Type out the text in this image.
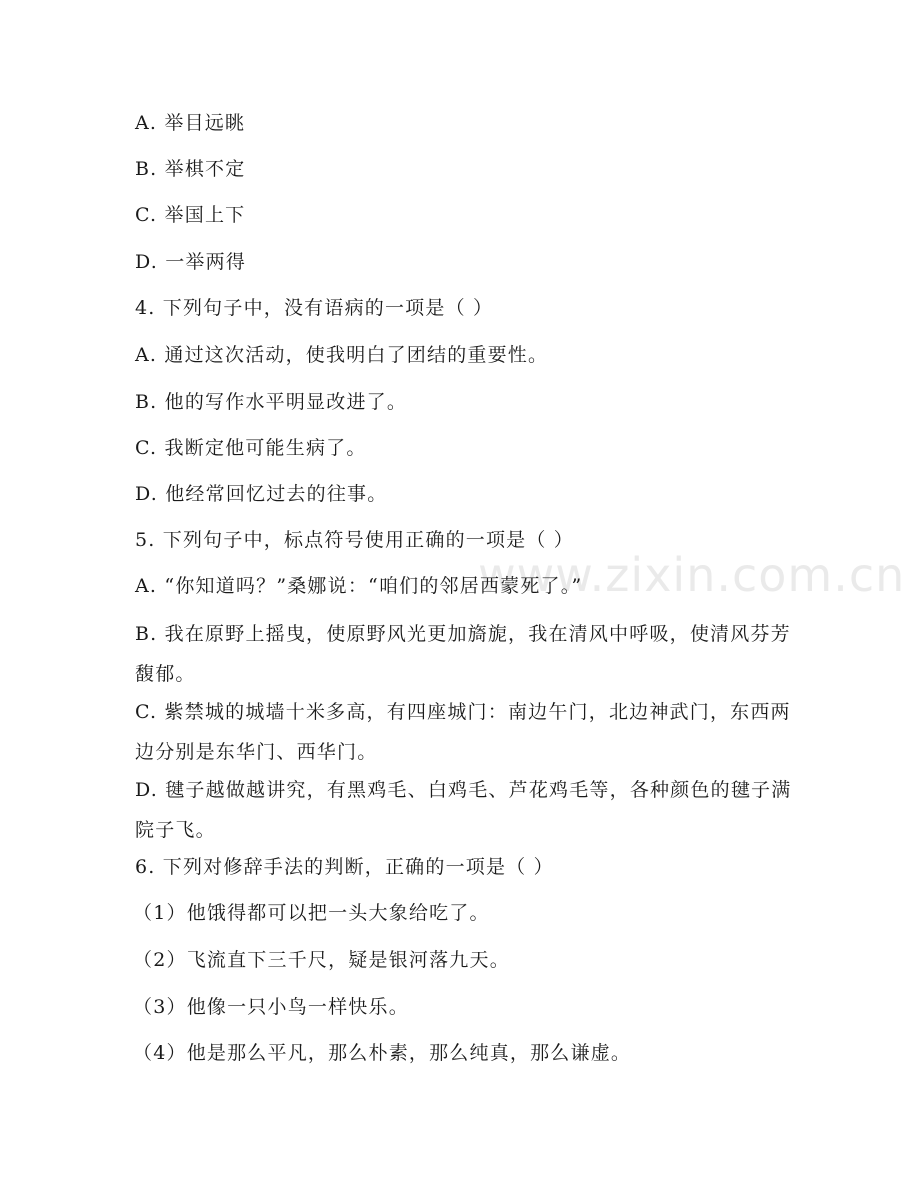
www.zixin.com.cn
A. 举目远眺
B. 举棋不定
C. 举国上下
D. 一举两得
4. 下列句子中，没有语病的一项是（ ）
A. 通过这次活动，使我明白了团结的重要性。
B. 他的写作水平明显改进了。
C. 我断定他可能生病了。
D. 他经常回忆过去的往事。
5. 下列句子中，标点符号使用正确的一项是（ ）
A. “你知道吗？”桑娜说：“咱们的邻居西蒙死了。”
B. 我在原野上摇曳，使原野风光更加旖旎，我在清风中呼吸，使清风芬芳馥郁。
C. 紫禁城的城墙十米多高，有四座城门：南边午门，北边神武门，东西两边分别是东华门、西华门。
D. 毽子越做越讲究，有黑鸡毛、白鸡毛、芦花鸡毛等，各种颜色的毽子满院子飞。
6. 下列对修辞手法的判断，正确的一项是（ ）
（1）他饿得都可以把一头大象给吃了。
（2）飞流直下三千尺，疑是银河落九天。
（3）他像一只小鸟一样快乐。
（4）他是那么平凡，那么朴素，那么纯真，那么谦虚。
